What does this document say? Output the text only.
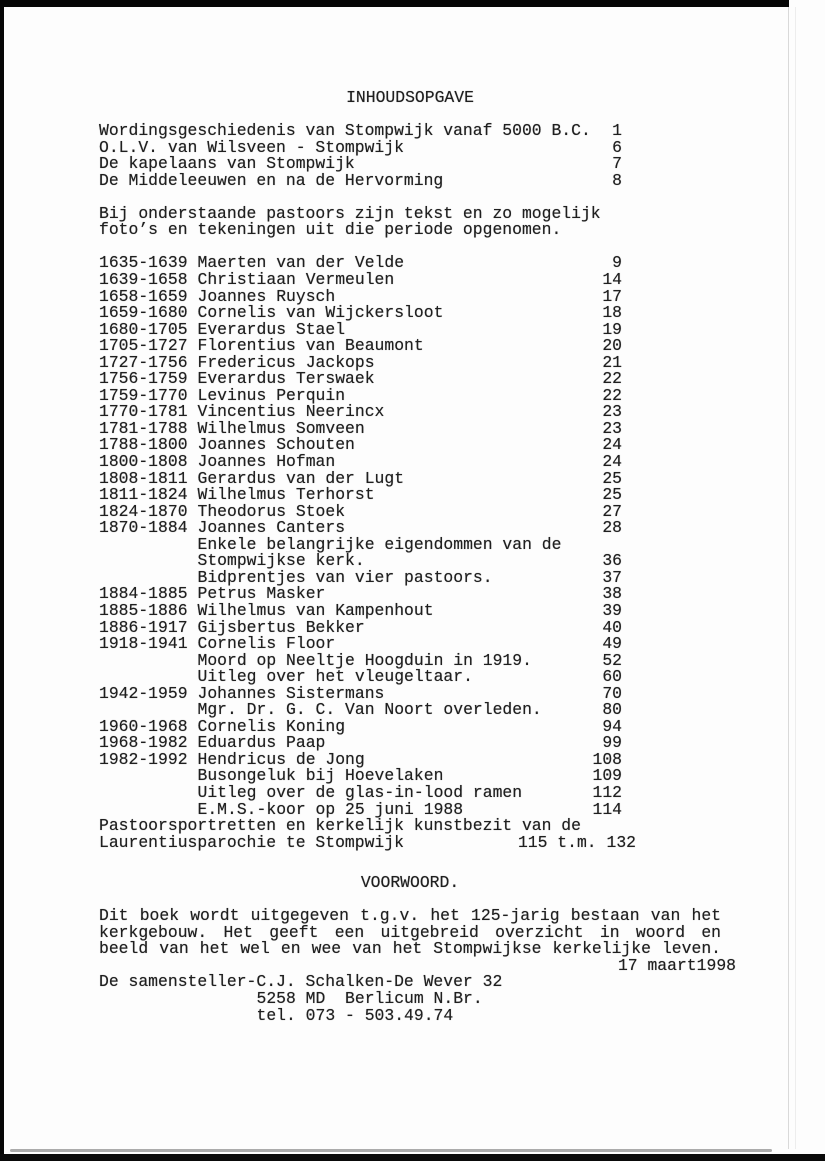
INHOUDSOPGAVE
Wordingsgeschiedenis van Stompwijk vanaf 5000 B.C.	1
O.L.V. van Wilsveen - Stompwijk	6
De kapelaans van Stompwijk	7
De Middeleeuwen en na de Hervorming	8
Bij onderstaande pastoors zijn tekst en zo mogelijk
foto’s en tekeningen uit die periode opgenomen.
1635-1639 Maerten van der Velde	9
1639-1658 Christiaan Vermeulen	14
1658-1659 Joannes Ruysch	17
1659-1680 Cornelis van Wijckersloot	18
1680-1705 Everardus Stael	19
1705-1727 Florentius van Beaumont	20
1727-1756 Fredericus Jackops	21
1756-1759 Everardus Terswaek	22
1759-1770 Levinus Perquin	22
1770-1781 Vincentius Neerincx	23
1781-1788 Wilhelmus Somveen	23
1788-1800 Joannes Schouten	24
1800-1808 Joannes Hofman	24
1808-1811 Gerardus van der Lugt	25
1811-1824 Wilhelmus Terhorst	25
1824-1870 Theodorus Stoek	27
1870-1884 Joannes Canters	28
Enkele belangrijke eigendommen van de
Stompwijkse kerk.	36
Bidprentjes van vier pastoors.	37
1884-1885 Petrus Masker	38
1885-1886 Wilhelmus van Kampenhout	39
1886-1917 Gijsbertus Bekker	40
1918-1941 Cornelis Floor	49
Moord op Neeltje Hoogduin in 1919.	52
Uitleg over het vleugeltaar.	60
1942-1959 Johannes Sistermans	70
Mgr. Dr. G. C. Van Noort overleden.	80
1960-1968 Cornelis Koning	94
1968-1982 Eduardus Paap	99
1982-1992 Hendricus de Jong	108
Busongeluk bij Hoevelaken	109
Uitleg over de glas-in-lood ramen	112
E.M.S.-koor op 25 juni 1988	114
Pastoorsportretten en kerkelijk kunstbezit van de
Laurentiusparochie te Stompwijk	115 t.m. 132
VOORWOORD.
Dit boek wordt uitgegeven t.g.v. het 125-jarig bestaan van het
kerkgebouw. Het geeft een uitgebreid overzicht in woord en
beeld van het wel en wee van het Stompwijkse kerkelijke leven.
17 maart1998
De samensteller-C.J. Schalken-De Wever 32
5258 MD  Berlicum N.Br.
tel. 073 - 503.49.74
